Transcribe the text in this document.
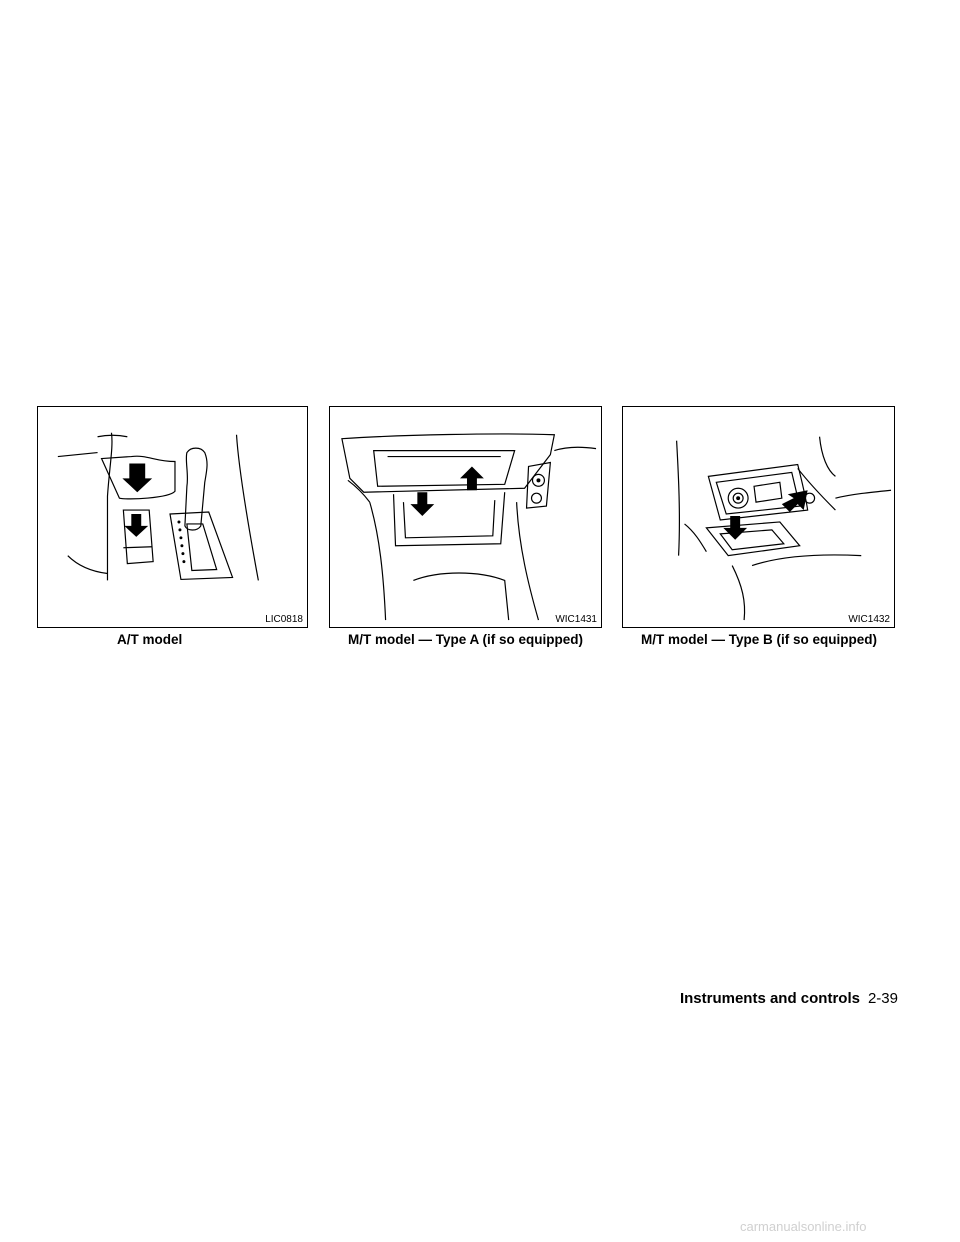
LIC0818	WIC1431	WIC1432
A/T model	M/T model — Type A (if so equipped)	M/T model — Type B (if so equipped)
Instruments and controls 2-39
carmanualsonline.info
